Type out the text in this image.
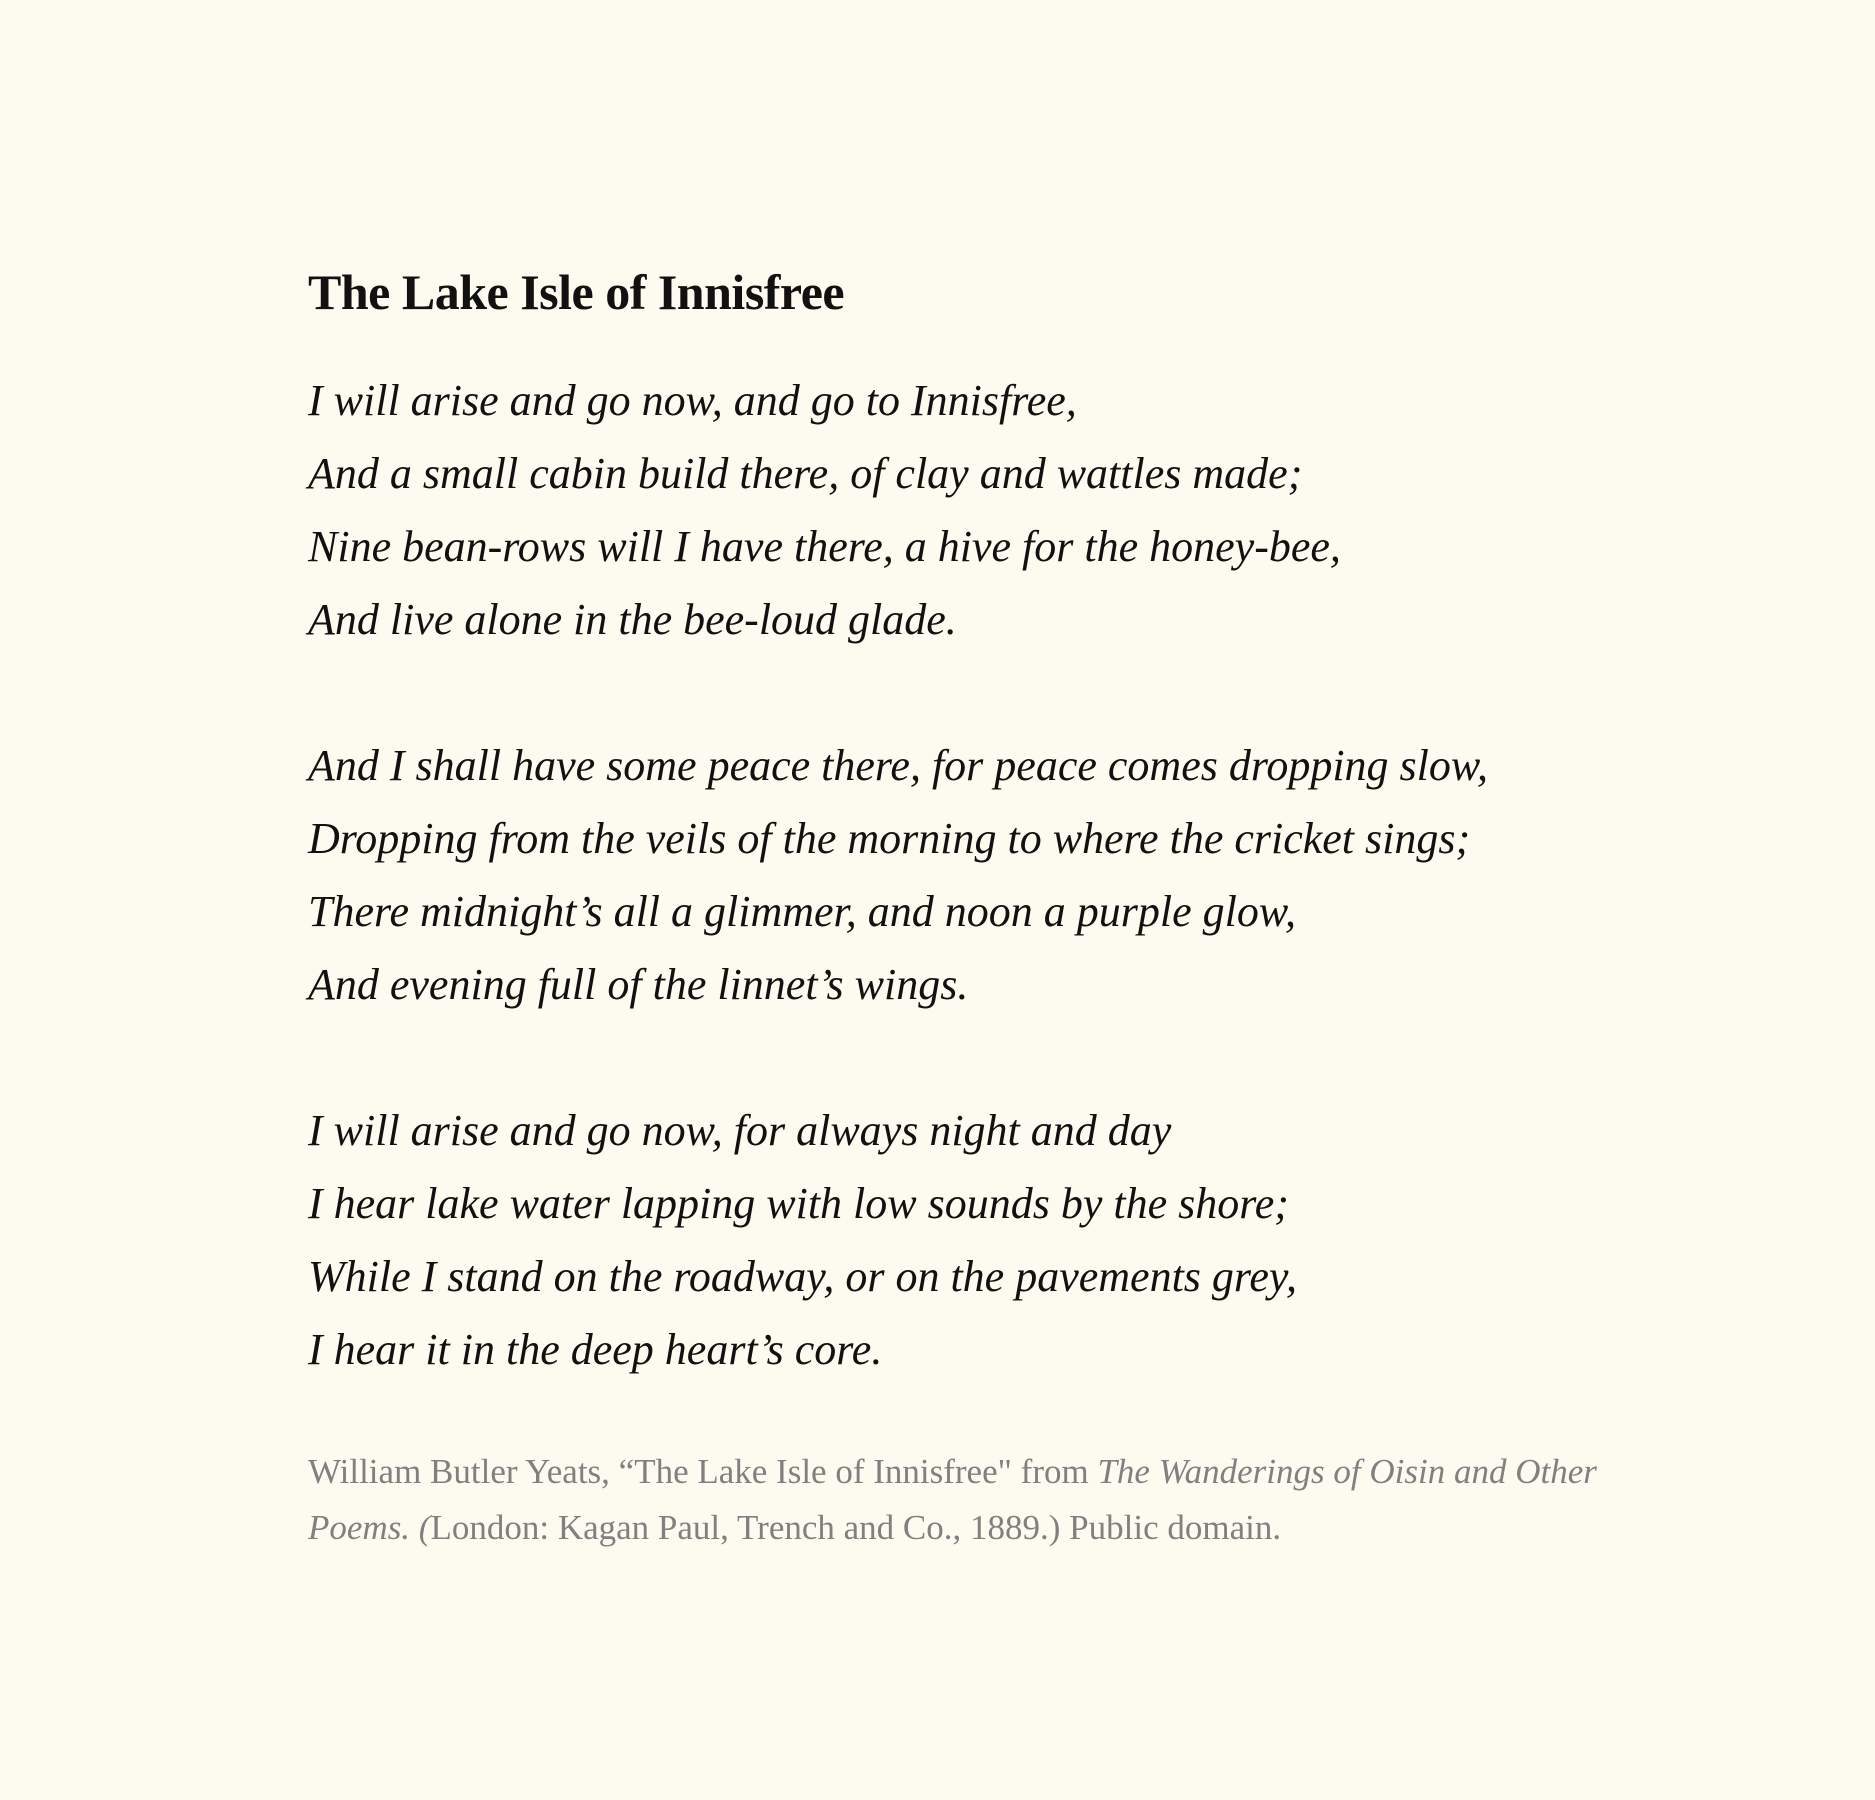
The Lake Isle of Innisfree
I will arise and go now, and go to Innisfree,
And a small cabin build there, of clay and wattles made;
Nine bean-rows will I have there, a hive for the honey-bee,
And live alone in the bee-loud glade.
And I shall have some peace there, for peace comes dropping slow,
Dropping from the veils of the morning to where the cricket sings;
There midnight’s all a glimmer, and noon a purple glow,
And evening full of the linnet’s wings.
I will arise and go now, for always night and day
I hear lake water lapping with low sounds by the shore;
While I stand on the roadway, or on the pavements grey,
I hear it in the deep heart’s core.

William Butler Yeats, “The Lake Isle of Innisfree" from The Wanderings of Oisin and Other Poems. (London: Kagan Paul, Trench and Co., 1889.) Public domain.
